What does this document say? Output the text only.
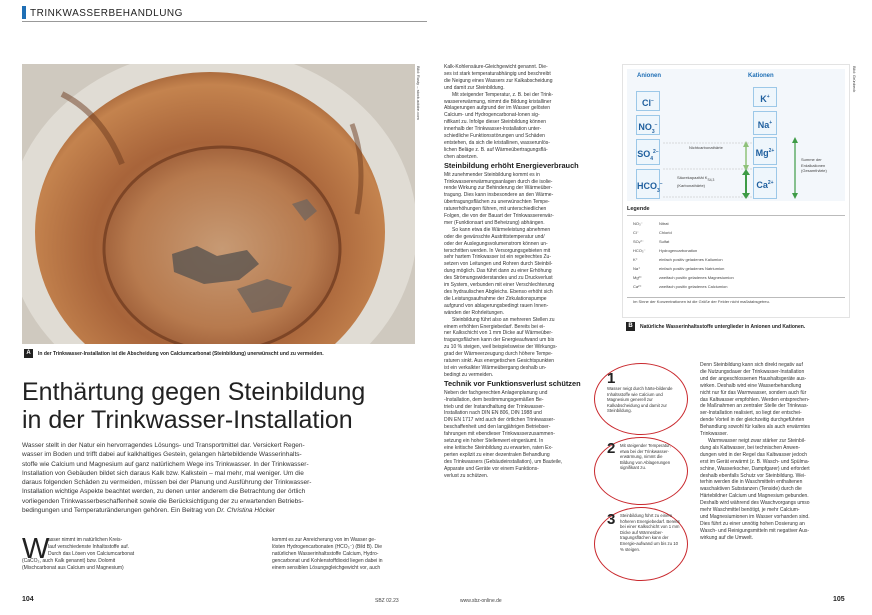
TRINKWASSERBEHANDLUNG
Bild: Rusty – stock.adobe.com
A	In der Trinkwasser-Installation ist die Abscheidung von Calciumcarbonat (Steinbildung) unerwünscht und zu vermeiden.
Enthärtung gegen Steinbildung
in der Trinkwasser-Installation
Wasser stellt in der Natur ein hervorragendes Lösungs- und Transportmittel dar. Versickert Regen-
wasser im Boden und trifft dabei auf kalkhaltiges Gestein, gelangen härtebildende Wasserinhalts-
stoffe wie Calcium und Magnesium auf ganz natürlichem Wege ins Trinkwasser. In der Trinkwasser-
Installation von Gebäuden bildet sich daraus Kalk bzw. Kalkstein – mal mehr, mal weniger. Um die
daraus folgenden Schäden zu vermeiden, müssen bei der Planung und Ausführung der Trinkwasser-
Installation wichtige Aspekte beachtet werden, zu denen unter anderem die Betrachtung der örtlich
vorliegenden Trinkwasserbeschaffenheit sowie die Berücksichtigung der zu erwartenden Betriebs-
bedingungen und Temperaturänderungen gehören. Ein Beitrag von Dr. Christina Höcker
W
asser nimmt im natürlichen Kreis-
lauf verschiedenste Inhaltsstoffe auf.
Durch das Lösen von Calciumcarbonat
(CaCO₃, auch Kalk genannt) bzw. Dolomit
(Mischcarbonat aus Calcium und Magnesium)
kommt es zur Anreicherung von im Wasser ge-
lösten Hydrogencarbonaten (HCO₃⁻) (Bild B). Die
natürlichen Wasserinhaltsstoffe Calcium, Hydro-
gencarbonat und Kohlenstoffdioxid liegen dabei in
einem sensiblen Lösungsgleichgewicht vor, auch
104	SBZ 02.23
Kalk-Kohlensäure-Gleichgewicht genannt. Die-
ses ist stark temperaturabhängig und beschreibt
die Neigung eines Wassers zur Kalkabscheidung
und damit zur Steinbildung.
Mit steigender Temperatur, z. B. bei der Trink-
wassererwärmung, nimmt die Bildung kristalliner
Ablagerungen aufgrund der im Wasser gelösten
Calcium- und Hydrogencarbonat-Ionen sig-
nifikant zu. Infolge dieser Steinbildung können
innerhalb der Trinkwasser-Installation unter-
schiedliche Funktionsstörungen und Schäden
entstehen, da sich die kristallinen, wasserunlös-
lichen Beläge z. B. auf Wärmeübertragungsflä-
chen absetzen.
Steinbildung erhöht Energieverbrauch
Mit zunehmender Steinbildung kommt es in
Trinkwassererwärmungsanlagen durch die isolie-
rende Wirkung zur Behinderung der Wärmeüber-
tragung. Dies kann insbesondere an den Wärme-
übertragungsflächen zu unerwünschten Tempe-
raturerhöhungen führen, mit unterschiedlichen
Folgen, die von der Bauart der Trinkwassererwär-
mer (Funktionsart und Beheizung) abhängen.
So kann etwa die Wärmeleistung abnehmen
oder die gewünschte Austrittstemperatur und/
oder der Auslegungsvolumenstrom können un-
terschritten werden. In Versorgungsgebieten mit
sehr hartem Trinkwasser ist ein regelrechtes Zu-
setzen von Leitungen und Rohren durch Steinbil-
dung möglich. Das führt dann zu einer Erhöhung
des Strömungswiderstandes und zu Druckverlust
im System, verbunden mit einer Verschlechterung
des hydraulischen Abgleichs. Ebenso erhöht sich
die Leistungsaufnahme der Zirkulationspumpe
aufgrund von ablagerungsbedingt rauen Innen-
wänden der Rohrleitungen.
Steinbildung führt also an mehreren Stellen zu
einem erhöhten Energiebedarf. Bereits bei ei-
ner Kalkschicht von 1 mm Dicke auf Wärmeüber-
tragungsflächen kann der Energieaufwand um bis
zu 10 % steigen, weil beispielsweise der Wirkungs-
grad der Wärmeerzeugung durch höhere Tempe-
raturen sinkt. Aus energetischen Gesichtspunkten
ist ein verkalkter Wärmeübergang deshalb un-
bedingt zu vermeiden.
Technik vor Funktionsverlust schützen
Neben der fachgerechten Anlagenplanung und
-Installation, dem bestimmungsgemäßen Be-
trieb und der Instandhaltung der Trinkwasser-
Installation nach DIN EN 806, DIN 1988 und
DIN EN 1717 wird auch der örtlichen Trinkwasser-
beschaffenheit und den langjährigen Betriebser-
fahrungen mit ebendieser Trinkwasserzusammen-
setzung ein hoher Stellenwert eingeräumt. In
eine kritische Steinbildung zu erwarten, raten Ex-
perten explizit zu einer dezentralen Behandlung
des Trinkwassers (Gebäudeinstallation), um Bauteile,
Apparate und Geräte vor einem Funktions-
verlust zu schützen.
1
Wasser neigt durch härte-bildende Inhaltsstoffe wie Calcium und Magnesium generell zur Kalkabscheidung und damit zur Steinbildung.
2 Mit steigender Temperatur, etwa bei der Trinkwasser-erwärmung, nimmt die Bildung von Ablagerungen signifikant zu.
3 Steinbildung führt zu einem höheren Energiebedarf. Bereits bei einer Kalkschicht von 1 mm Dicke auf Wärmeüber-tragungsflächen kann der Energie-aufwand um bis zu 10 % steigen.
Anionen	Kationen
Cl−
$NO_3^-$
$SO_4^{2-}$
$HCO_3^-$
K+
Na+
$Mg^{2+}$
$Ca^{2+}$
Nichtcarbonathärte
Säurekapazität $K_{S4,3}$
(Karbonathärte)
Summe der
Erdalkalionen
(Gesamthärte)
Legende
NO₃⁻	Nitrat
Cl⁻	Chlorid
SO₄²⁻	Sulfat
HCO₃⁻	Hydrogencarbonation
K⁺	einfach positiv geladenes Kaliumion
Na⁺	einfach positiv geladenes Natriumion
Mg²⁺	zweifach positiv geladenes Magnesiumion
Ca²⁺	zweifach positiv geladenes Calciumion
Im Sinne der Konzentrationen ist die Größe der Felder nicht maßstabsgetreu.
Bild: Grünbeck
B	Natürliche Wasserinhaltsstoffe unterglieder in Anionen und Kationen.
Denn Steinbildung kann sich direkt negativ auf
die Nutzungsdauer der Trinkwasser-Installation
und der angeschlossenen Haushaltsgeräte aus-
wirken. Deshalb wird eine Wasserbehandlung
nicht nur für das Warmwasser, sondern auch für
das Kaltwasser empfohlen. Werden entsprechen-
de Maßnahmen an zentraler Stelle der Trinkwas-
ser-Installation realisiert, so liegt der entschei-
dende Vorteil in der gleichzeitig durchgeführten
Behandlung sowohl für kaltes als auch erwärmtes
Trinkwasser.
Warmwasser neigt zwar stärker zur Steinbil-
dung als Kaltwasser, bei technischen Anwen-
dungen wird in der Regel das Kaltwasser jedoch
erst im Gerät erwärmt (z. B. Wasch- und Spülma-
schine, Wasserkocher, Dampfgarer) und erfordert
deshalb ebenfalls Schutz vor Steinbildung. Wei-
terhin werden die in Waschmitteln enthaltenen
waschaktiven Substanzen (Tenside) durch die
Härtebildner Calcium und Magnesium gebunden.
Deshalb wird während des Waschvorgangs umso
mehr Waschmittel benötigt, je mehr Calcium-
und Magnesiumionen im Wasser vorhanden sind.
Dies führt zu einer unnötig hohen Dosierung an
Wasch- und Reinigungsmitteln mit negativer Aus-
wirkung auf die Umwelt.
www.sbz-online.de	105
